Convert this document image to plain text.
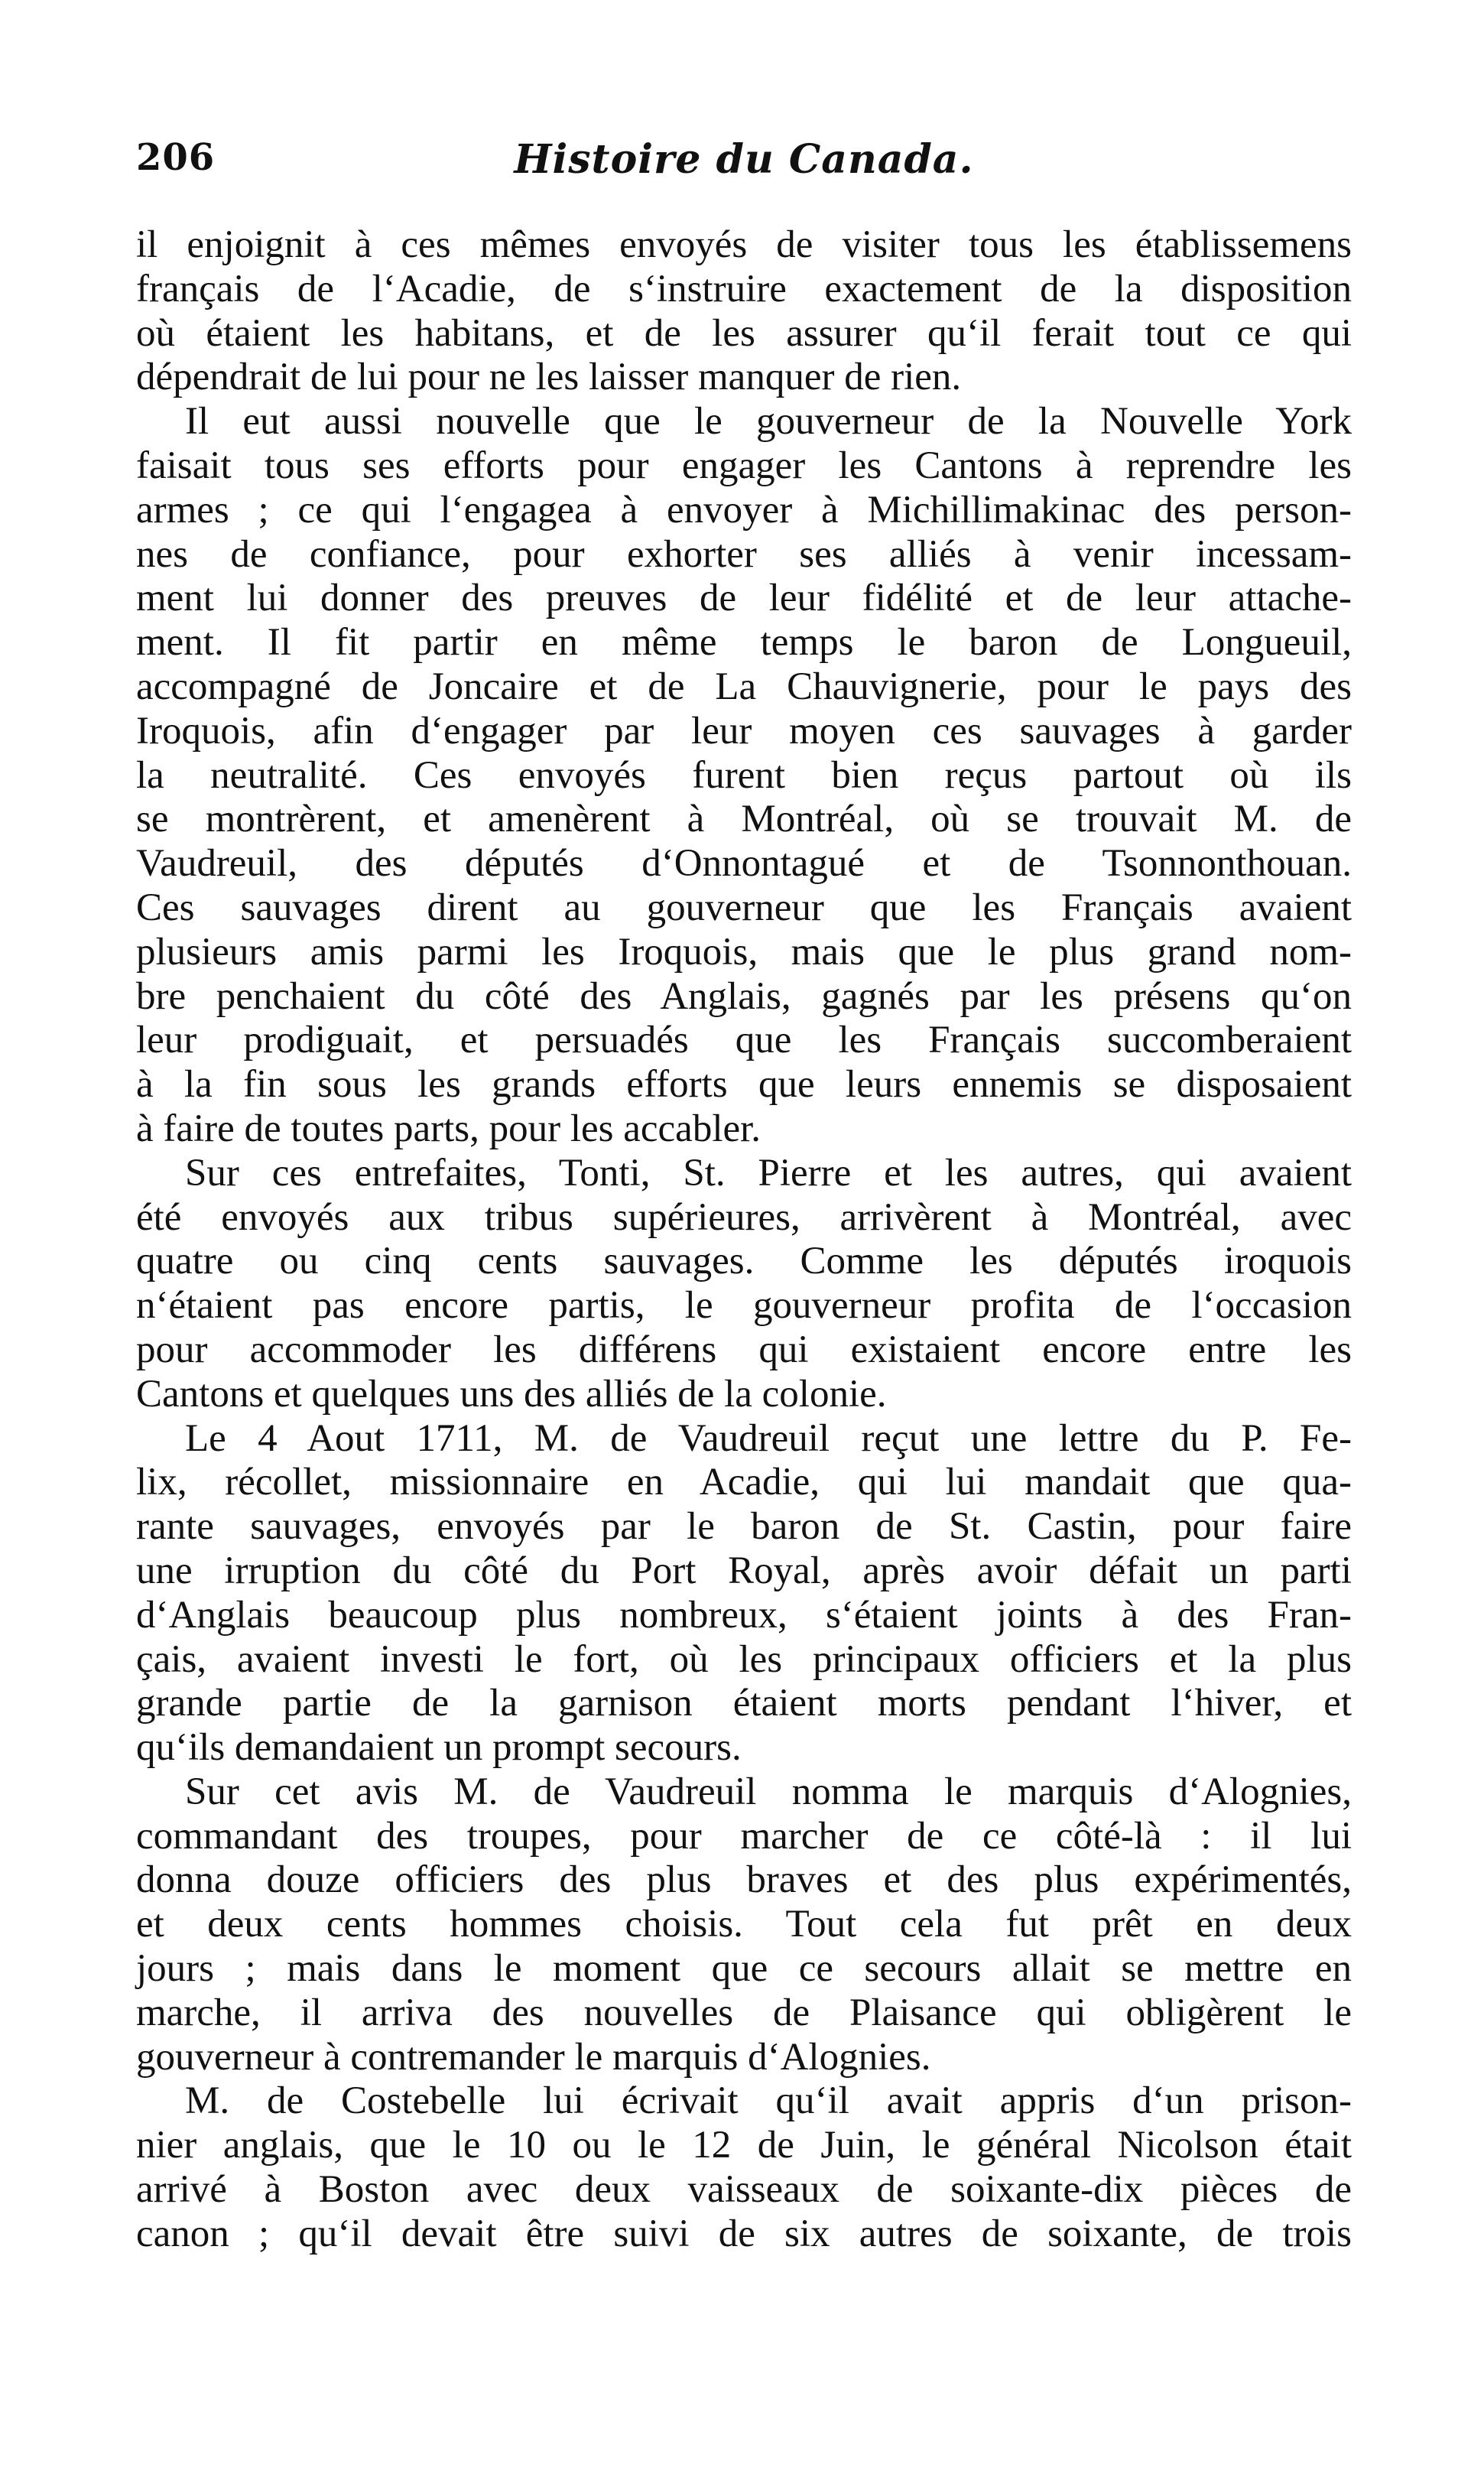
206	Histoire du Canada.
il enjoignit à ces mêmes envoyés de visiter tous les établissemens
français de l‘Acadie, de s‘instruire exactement de la disposition
où étaient les habitans, et de les assurer qu‘il ferait tout ce qui
dépendrait de lui pour ne les laisser manquer de rien.
Il eut aussi nouvelle que le gouverneur de la Nouvelle York
faisait tous ses efforts pour engager les Cantons à reprendre les
armes ; ce qui l‘engagea à envoyer à Michillimakinac des person-
nes de confiance, pour exhorter ses alliés à venir incessam-
ment lui donner des preuves de leur fidélité et de leur attache-
ment. Il fit partir en même temps le baron de Longueuil,
accompagné de Joncaire et de La Chauvignerie, pour le pays des
Iroquois, afin d‘engager par leur moyen ces sauvages à garder
la neutralité. Ces envoyés furent bien reçus partout où ils
se montrèrent, et amenèrent à Montréal, où se trouvait M. de
Vaudreuil, des députés d‘Onnontagué et de Tsonnonthouan.
Ces sauvages dirent au gouverneur que les Français avaient
plusieurs amis parmi les Iroquois, mais que le plus grand nom-
bre penchaient du côté des Anglais, gagnés par les présens qu‘on
leur prodiguait, et persuadés que les Français succomberaient
à la fin sous les grands efforts que leurs ennemis se disposaient
à faire de toutes parts, pour les accabler.
Sur ces entrefaites, Tonti, St. Pierre et les autres, qui avaient
été envoyés aux tribus supérieures, arrivèrent à Montréal, avec
quatre ou cinq cents sauvages. Comme les députés iroquois
n‘étaient pas encore partis, le gouverneur profita de l‘occasion
pour accommoder les différens qui existaient encore entre les
Cantons et quelques uns des alliés de la colonie.
Le 4 Aout 1711, M. de Vaudreuil reçut une lettre du P. Fe-
lix, récollet, missionnaire en Acadie, qui lui mandait que qua-
rante sauvages, envoyés par le baron de St. Castin, pour faire
une irruption du côté du Port Royal, après avoir défait un parti
d‘Anglais beaucoup plus nombreux, s‘étaient joints à des Fran-
çais, avaient investi le fort, où les principaux officiers et la plus
grande partie de la garnison étaient morts pendant l‘hiver, et
qu‘ils demandaient un prompt secours.
Sur cet avis M. de Vaudreuil nomma le marquis d‘Alognies,
commandant des troupes, pour marcher de ce côté-là : il lui
donna douze officiers des plus braves et des plus expérimentés,
et deux cents hommes choisis. Tout cela fut prêt en deux
jours ; mais dans le moment que ce secours allait se mettre en
marche, il arriva des nouvelles de Plaisance qui obligèrent le
gouverneur à contremander le marquis d‘Alognies.
M. de Costebelle lui écrivait qu‘il avait appris d‘un prison-
nier anglais, que le 10 ou le 12 de Juin, le général Nicolson était
arrivé à Boston avec deux vaisseaux de soixante-dix pièces de
canon ; qu‘il devait être suivi de six autres de soixante, de trois
